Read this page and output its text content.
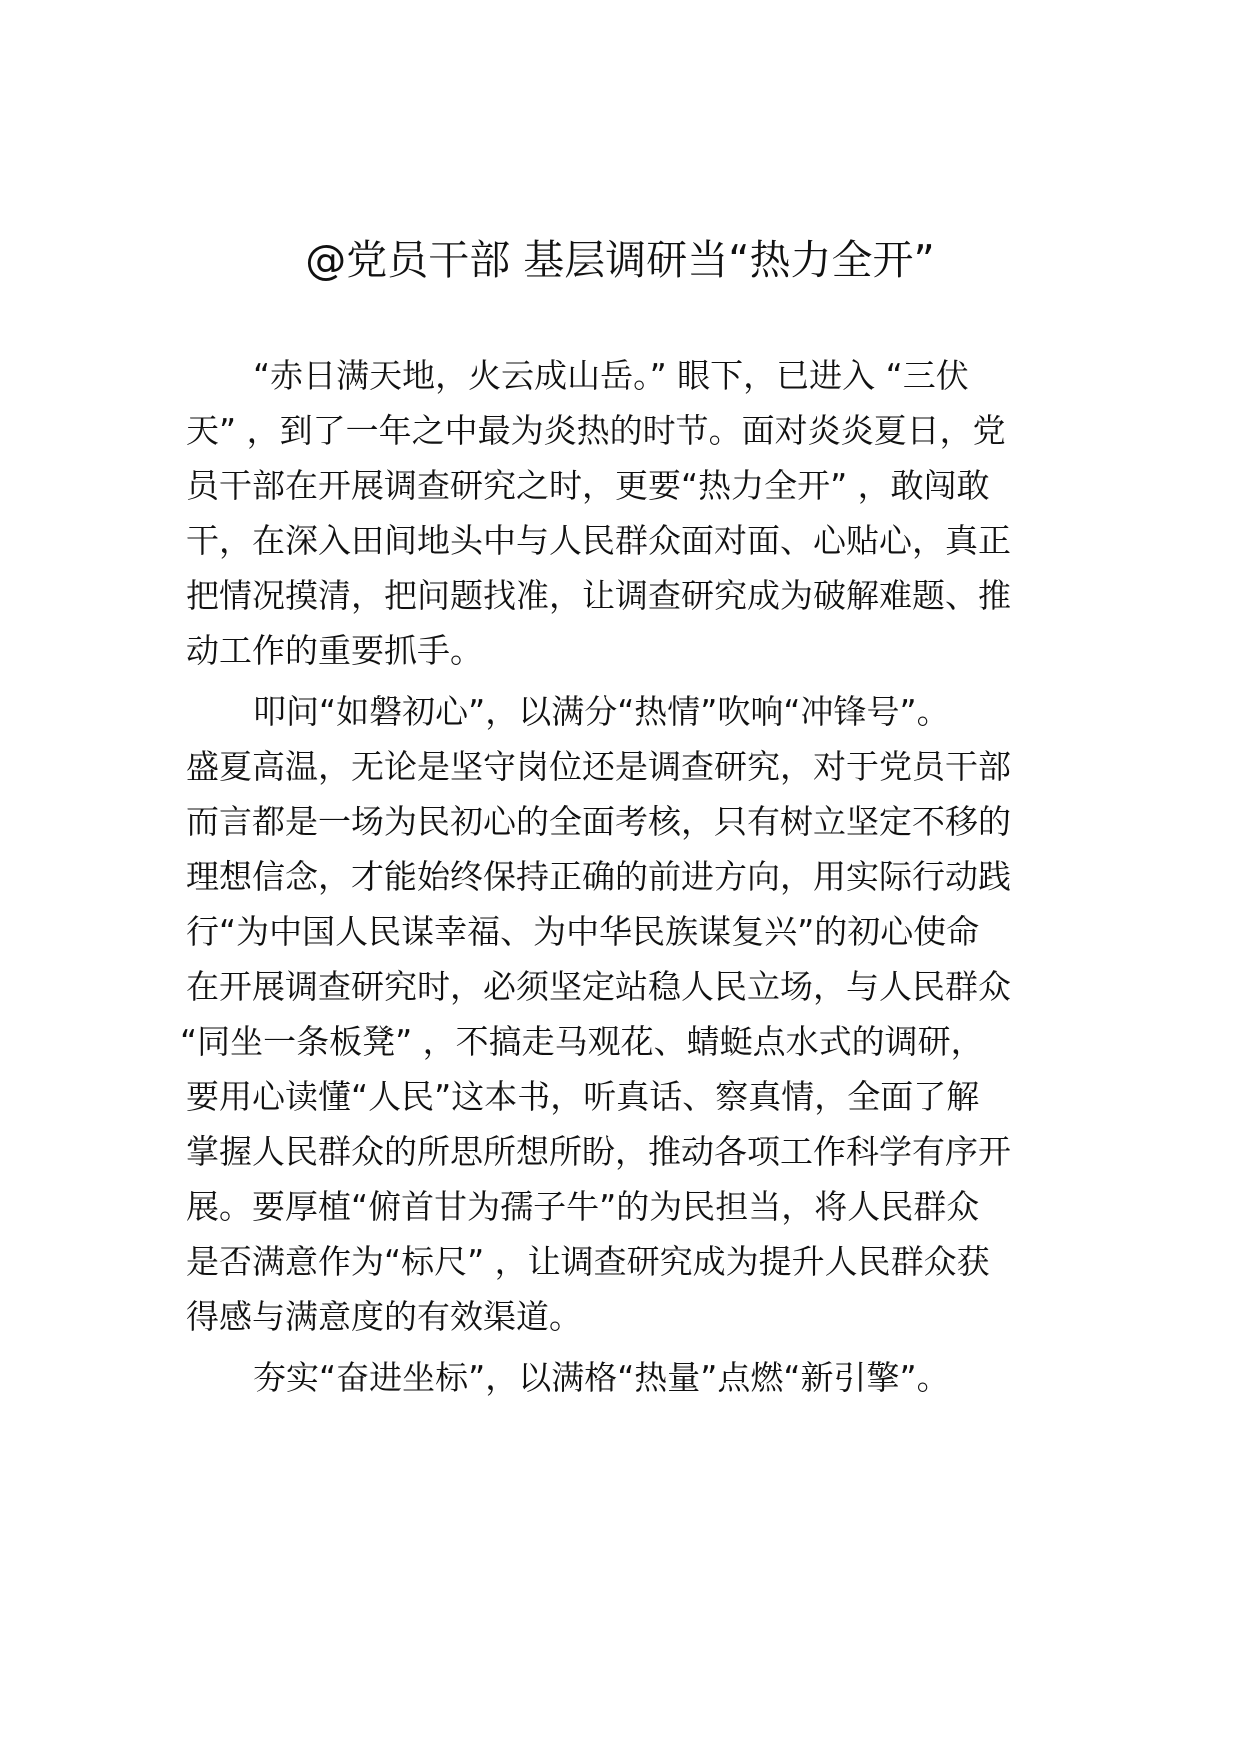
@党员干部 基层调研当“热力全开”
“赤日满天地，火云成山岳。” 眼下，已进入 “三伏
天” ，到了一年之中最为炎热的时节。面对炎炎夏日，党
员干部在开展调查研究之时，更要“热力全开” ，敢闯敢
干，在深入田间地头中与人民群众面对面、心贴心，真正
把情况摸清，把问题找准，让调查研究成为破解难题、推
动工作的重要抓手。
叩问“如磐初心”，以满分“热情”吹响“冲锋号”。
盛夏高温，无论是坚守岗位还是调查研究，对于党员干部
而言都是一场为民初心的全面考核，只有树立坚定不移的
理想信念，才能始终保持正确的前进方向，用实际行动践
行“为中国人民谋幸福、为中华民族谋复兴”的初心使命
在开展调查研究时，必须坚定站稳人民立场，与人民群众
“同坐一条板凳” ，不搞走马观花、蜻蜓点水式的调研，
要用心读懂“人民”这本书，听真话、察真情，全面了解
掌握人民群众的所思所想所盼，推动各项工作科学有序开
展。要厚植“俯首甘为孺子牛”的为民担当，将人民群众
是否满意作为“标尺” ，让调查研究成为提升人民群众获
得感与满意度的有效渠道。
夯实“奋进坐标”，以满格“热量”点燃“新引擎”。
